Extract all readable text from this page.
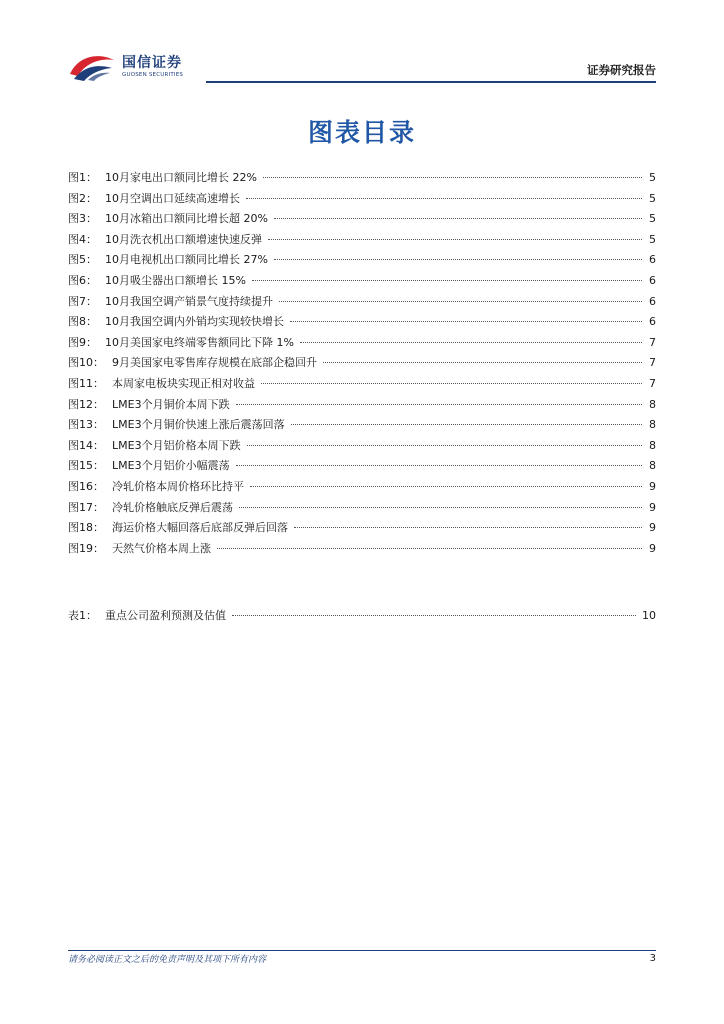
国信证券
GUOSEN SECURITIES	证券研究报告
图表目录
图1： 10月家电出口额同比增长 22%	5
图2： 10月空调出口延续高速增长	5
图3： 10月冰箱出口额同比增长超 20%	5
图4： 10月洗衣机出口额增速快速反弹	5
图5： 10月电视机出口额同比增长 27%	6
图6： 10月吸尘器出口额增长 15%	6
图7： 10月我国空调产销景气度持续提升	6
图8： 10月我国空调内外销均实现较快增长	6
图9： 10月美国家电终端零售额同比下降 1%	7
图10： 9月美国家电零售库存规模在底部企稳回升	7
图11： 本周家电板块实现正相对收益	7
图12： LME3个月铜价本周下跌	8
图13： LME3个月铜价快速上涨后震荡回落	8
图14： LME3个月铝价格本周下跌	8
图15： LME3个月铝价小幅震荡	8
图16： 冷轧价格本周价格环比持平	9
图17： 冷轧价格触底反弹后震荡	9
图18： 海运价格大幅回落后底部反弹后回落	9
图19： 天然气价格本周上涨	9
表1： 重点公司盈利预测及估值	10
请务必阅读正文之后的免责声明及其项下所有内容	3
